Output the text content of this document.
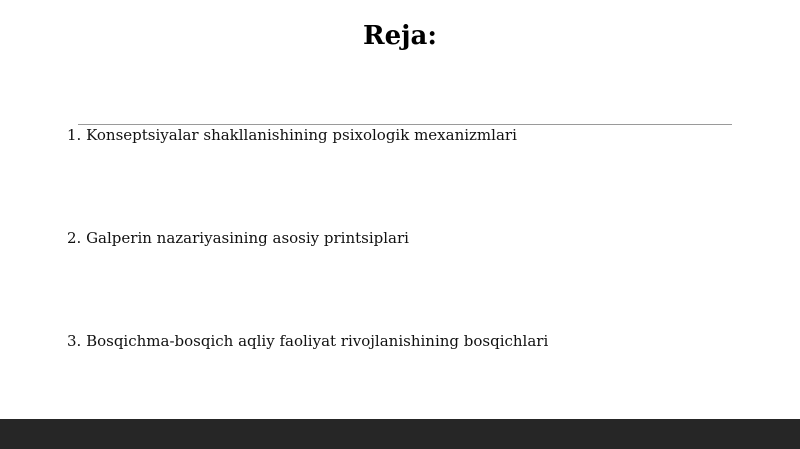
Reja:
1. Konseptsiyalar shakllanishining psixologik mexanizmlari
2. Galperin nazariyasining asosiy printsiplari
3. Bosqichma-bosqich aqliy faoliyat rivojlanishining bosqichlari
